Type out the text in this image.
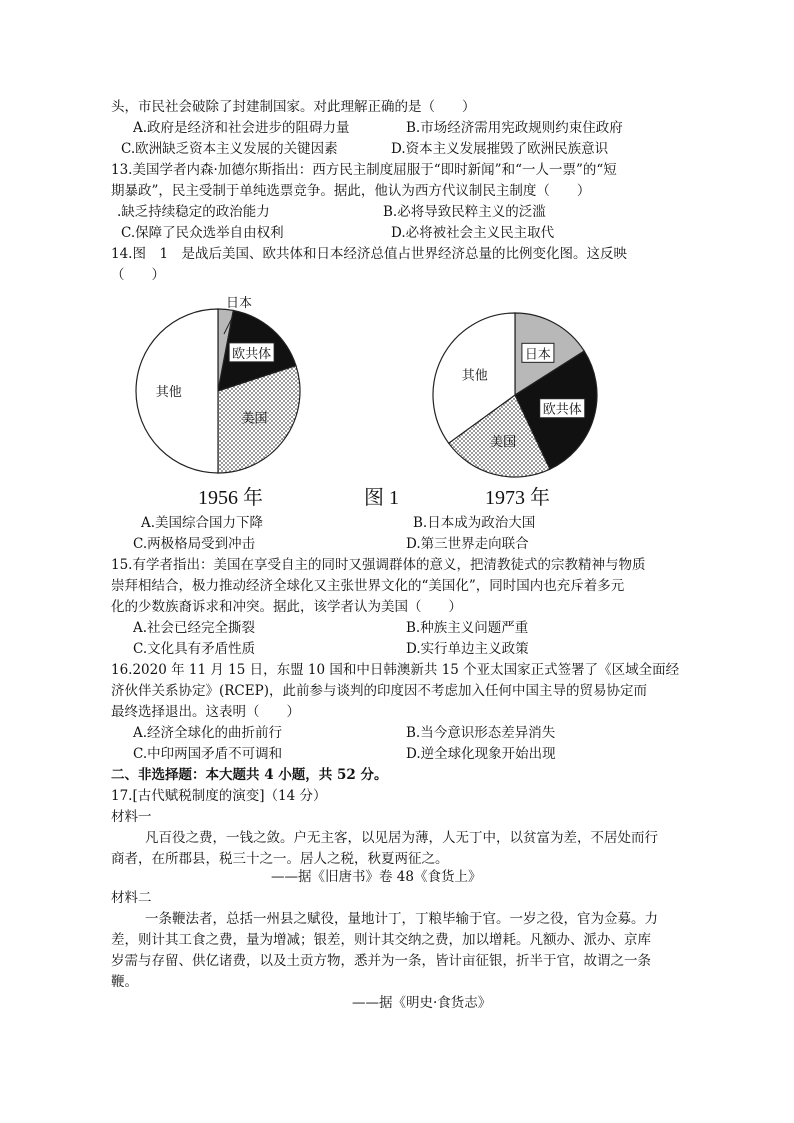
头，市民社会破除了封建制国家。对此理解正确的是（　　）
A.政府是经济和社会进步的阻碍力量	B.市场经济需用宪政规则约束住政府
C.欧洲缺乏资本主义发展的关键因素	D.资本主义发展摧毁了欧洲民族意识
13.美国学者内森·加德尔斯指出：西方民主制度屈服于“即时新闻”和“一人一票”的“短
期暴政”，民主受制于单纯选票竞争。据此，他认为西方代议制民主制度（　　）
.缺乏持续稳定的政治能力	B.必将导致民粹主义的泛滥
C.保障了民众选举自由权利	D.必将被社会主义民主取代
14.图　1　是战后美国、欧共体和日本经济总值占世界经济总量的比例变化图。这反映
（　　）
日本
欧共体
美国
其他
日本
欧共体
美国
其他
1956 年	图 1	1973 年
A.美国综合国力下降	B.日本成为政治大国
C.两极格局受到冲击	D.第三世界走向联合
15.有学者指出：美国在享受自主的同时又强调群体的意义，把清教徒式的宗教精神与物质
崇拜相结合，极力推动经济全球化又主张世界文化的“美国化”，同时国内也充斥着多元
化的少数族裔诉求和冲突。据此，该学者认为美国（　　）
A.社会已经完全撕裂	B.种族主义问题严重
C.文化具有矛盾性质	D.实行单边主义政策
16.2020 年 11 月 15 日，东盟 10 国和中日韩澳新共 15 个亚太国家正式签署了《区域全面经
济伙伴关系协定》(RCEP)，此前参与谈判的印度因不考虑加入任何中国主导的贸易协定而
最终选择退出。这表明（　　）
A.经济全球化的曲折前行	B.当今意识形态差异消失
C.中印两国矛盾不可调和	D.逆全球化现象开始出现
二、非选择题：本大题共 4 小题，共 52 分。
17.[古代赋税制度的演变]（14 分）
材料一
凡百役之费，一钱之敛。户无主客，以见居为薄，人无丁中，以贫富为差，不居处而行
商者，在所郡县，税三十之一。居人之税，秋夏两征之。
——据《旧唐书》卷 48《食货上》
材料二
一条鞭法者，总括一州县之赋役，量地计丁，丁粮毕输于官。一岁之役，官为佥募。力
差，则计其工食之费，量为增减；银差，则计其交纳之费，加以增耗。凡额办、派办、京库
岁需与存留、供亿诸费，以及土贡方物，悉并为一条，皆计亩征银，折半于官，故谓之一条
鞭。
——据《明史·食货志》
